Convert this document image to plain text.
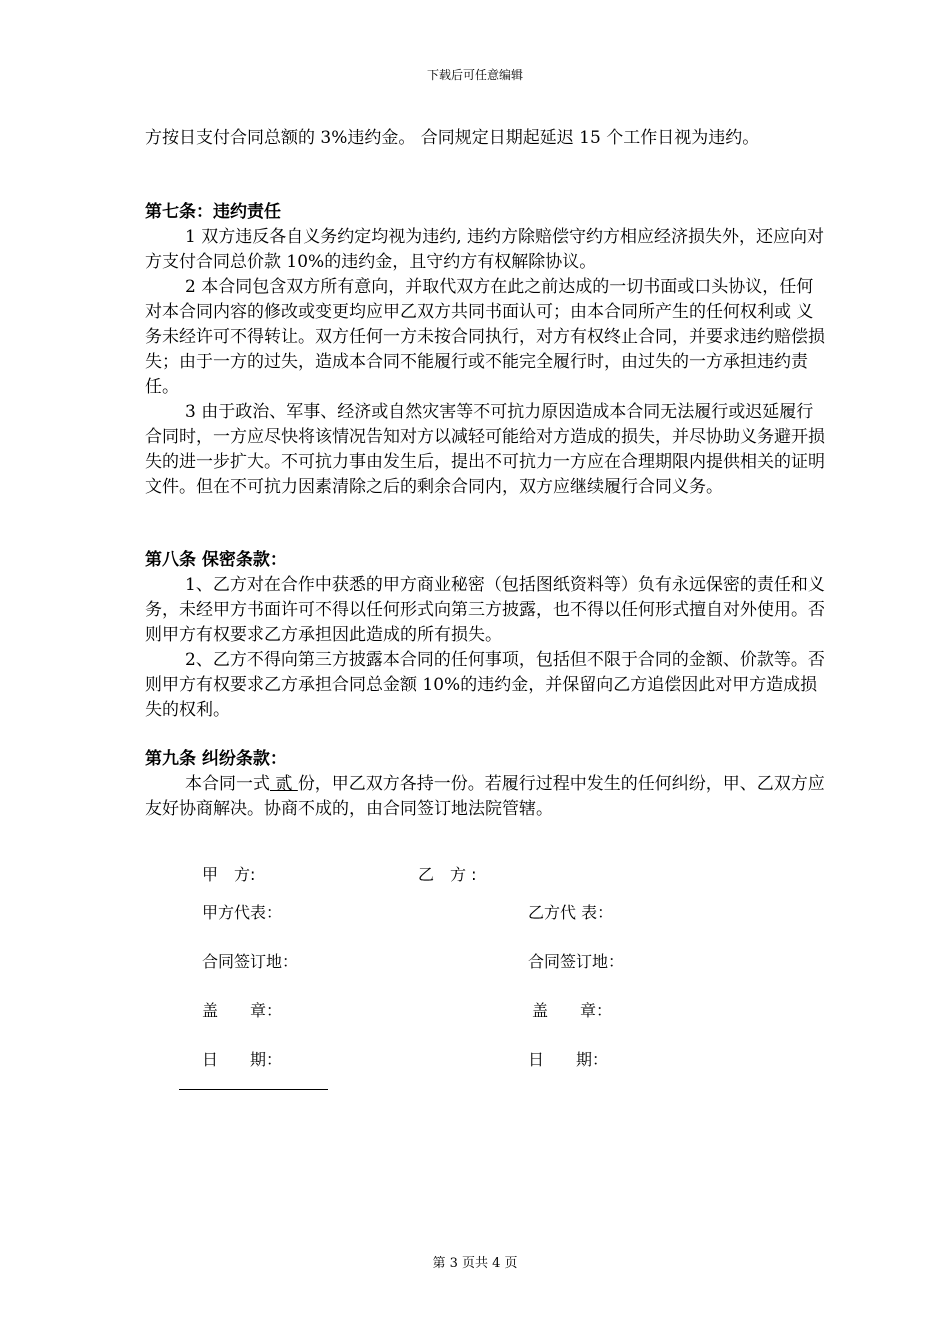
下载后可任意编辑

方按日支付合同总额的 3%违约金。 合同规定日期起延迟 15 个工作日视为违约。

第七条：违约责任

1 双方违反各自义务约定均视为违约, 违约方除赔偿守约方相应经济损失外，还应向对方支付合同总价款 10%的违约金，且守约方有权解除协议。

2 本合同包含双方所有意向，并取代双方在此之前达成的一切书面或口头协议，任何对本合同内容的修改或变更均应甲乙双方共同书面认可；由本合同所产生的任何权利或 义务未经许可不得转让。双方任何一方未按合同执行，对方有权终止合同，并要求违约赔偿损失；由于一方的过失，造成本合同不能履行或不能完全履行时，由过失的一方承担违约责任。

3 由于政治、军事、经济或自然灾害等不可抗力原因造成本合同无法履行或迟延履行合同时，一方应尽快将该情况告知对方以减轻可能给对方造成的损失，并尽协助义务避开损失的进一步扩大。不可抗力事由发生后，提出不可抗力一方应在合理期限内提供相关的证明文件。但在不可抗力因素清除之后的剩余合同内，双方应继续履行合同义务。

第八条 保密条款：

1、乙方对在合作中获悉的甲方商业秘密（包括图纸资料等）负有永远保密的责任和义务，未经甲方书面许可不得以任何形式向第三方披露，也不得以任何形式擅自对外使用。否则甲方有权要求乙方承担因此造成的所有损失。

2、乙方不得向第三方披露本合同的任何事项，包括但不限于合同的金额、价款等。否则甲方有权要求乙方承担合同总金额 10%的违约金，并保留向乙方追偿因此对甲方造成损失的权利。

第九条 纠纷条款：

本合同一式 贰 份，甲乙双方各持一份。若履行过程中发生的任何纠纷，甲、乙双方应友好协商解决。协商不成的，由合同签订地法院管辖。

甲　方:	乙　方 :
甲方代表：	乙方代 表：
合同签订地：	合同签订地：
盖　　章：	盖　　章：
日　　期：	日　　期：
第 3 页共 4 页
